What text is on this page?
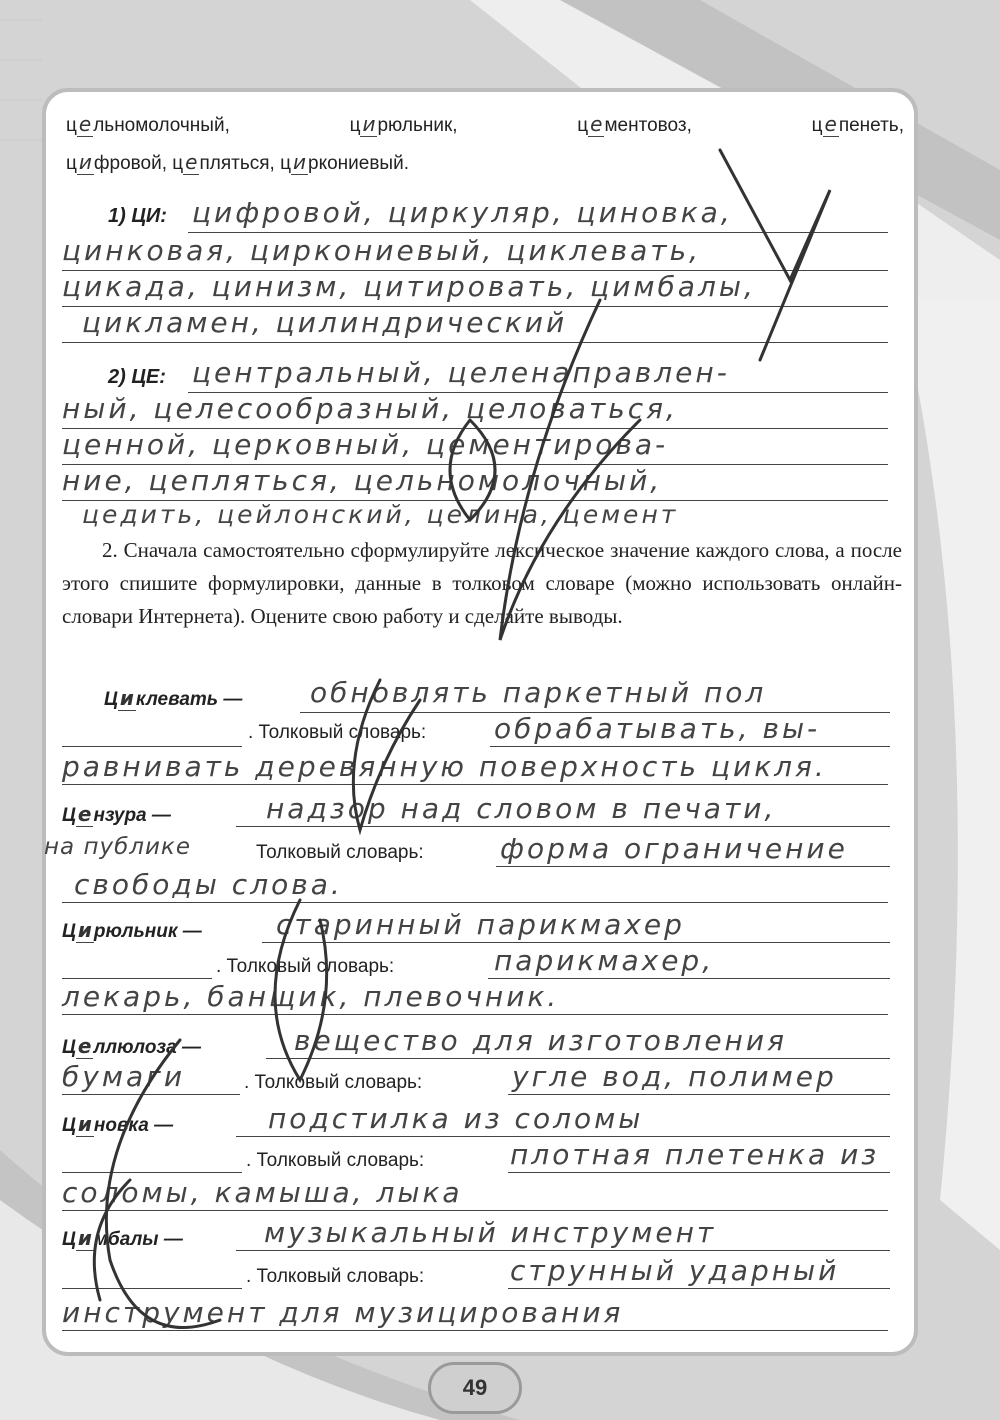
ц е льномолочный,	ц и рюльник,	ц е ментовоз,	ц е пенеть,
ц и фровой, ц е пляться, ц и ркониевый.
1) ЦИ: цифровой, циркуляр, циновка,
цинковая, циркониевый, циклевать,
цикада, цинизм, цитировать, цимбалы,
цикламен, цилиндрический
2) ЦЕ: центральный, целенаправлен-
ный, целесообразный, целоваться,
ценной, церковный, цементирова-
ние, цепляться, цельномолочный,
цедить, цейлонский, целина, цемент
2. Сначала самостоятельно сформулируйте лексическое значение каждого слова, а после этого спишите формулировки, данные в толковом словаре (можно использовать онлайн-словари Интернета). Оцените свою работу и сделайте выводы.
Ц и клевать — обновлять паркетный пол
. Толковый словарь: обрабатывать, вы-
равнивать деревянную поверхность цикля.
Ц е нзура —	надзор над словом в печати,
на публике	Толковый словарь:	форма ограничение
свободы слова.
Ц и рюльник —	старинный парикмахер
. Толковый словарь:	парикмахер,
лекарь, банщик, плевочник.
Ц е ллюлоза —	вещество для изготовления
бумаги	. Толковый словарь:	угле вод, полимер
Ц и новка —	подстилка из соломы
. Толковый словарь:	плотная плетенка из
соломы, камыша, лыка
Ц и мбалы —	музыкальный инструмент
. Толковый словарь:	струнный ударный
инструмент для музицирования
49
